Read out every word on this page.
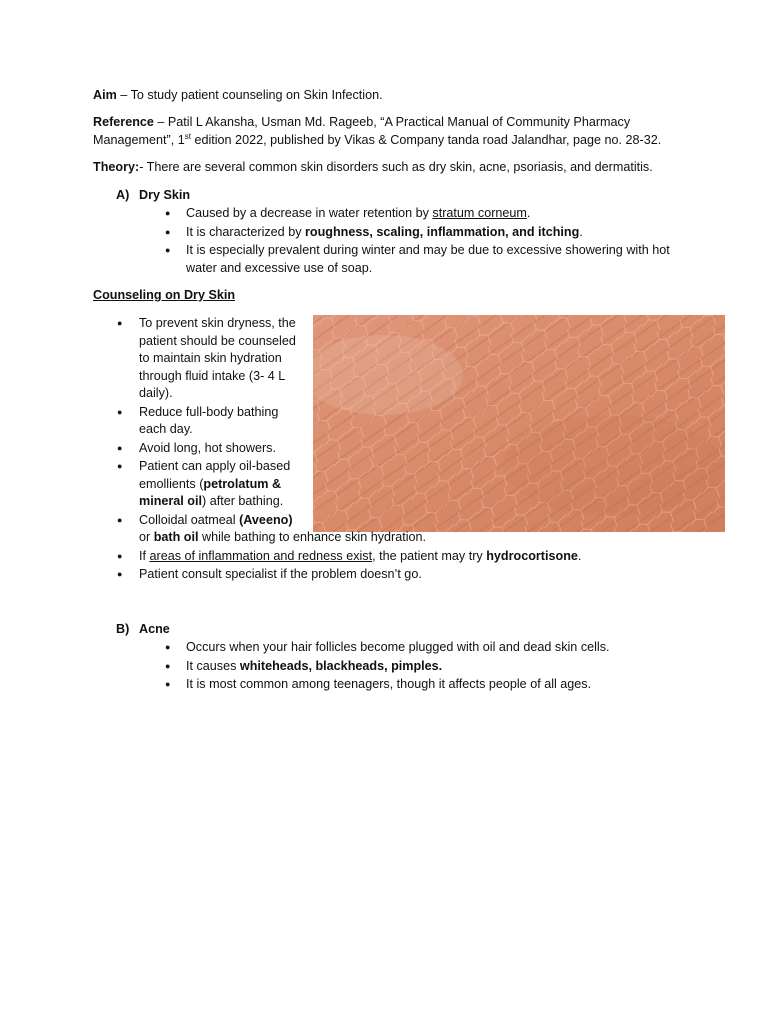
Aim – To study patient counseling on Skin Infection.

Reference – Patil L Akansha, Usman Md. Rageeb, “A Practical Manual of Community Pharmacy Management”, 1st edition 2022, published by Vikas & Company tanda road Jalandhar, page no. 28-32.

Theory:- There are several common skin disorders such as dry skin, acne, psoriasis, and dermatitis.

A) Dry Skin

● Caused by a decrease in water retention by stratum corneum.
● It is characterized by roughness, scaling, inflammation, and itching.
● It is especially prevalent during winter and may be due to excessive showering with hot water and excessive use of soap.

Counseling on Dry Skin

● To prevent skin dryness, the patient should be counseled to maintain skin hydration through fluid intake (3- 4 L daily).
● Reduce full-body bathing each day.
● Avoid long, hot showers.
● Patient can apply oil-based emollients (petrolatum & mineral oil) after bathing.
● Colloidal oatmeal (Aveeno)
or bath oil while bathing to enhance skin hydration.
● If areas of inflammation and redness exist, the patient may try hydrocortisone.
● Patient consult specialist if the problem doesn’t go.

B) Acne

● Occurs when your hair follicles become plugged with oil and dead skin cells.
● It causes whiteheads, blackheads, pimples.
● It is most common among teenagers, though it affects people of all ages.
